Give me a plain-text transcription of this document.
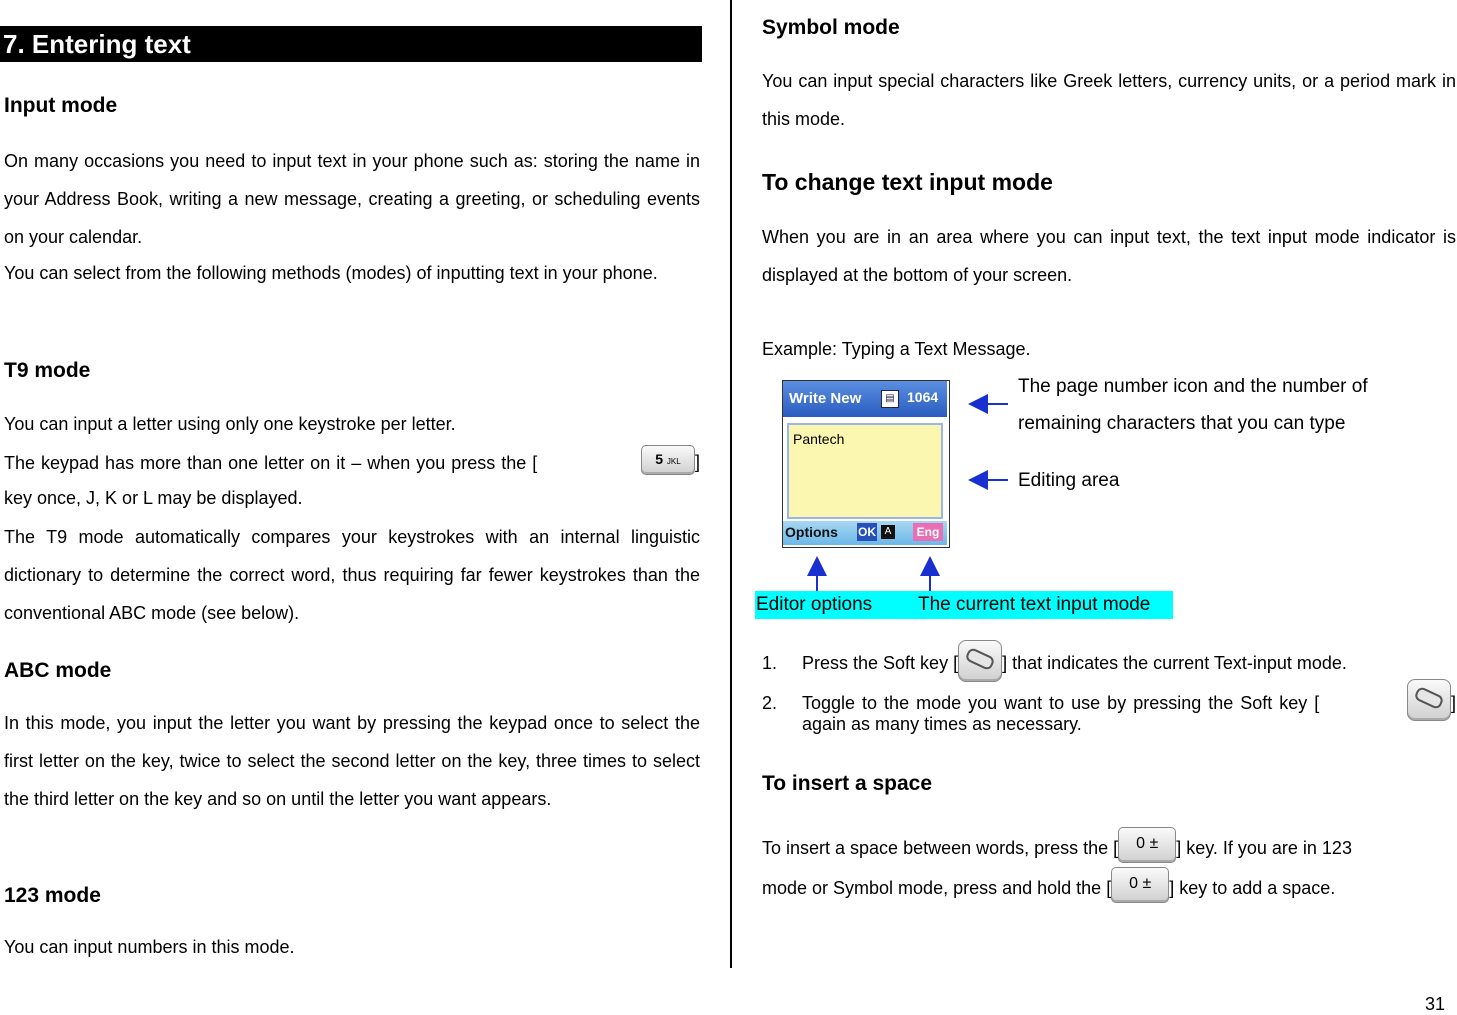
7. Entering text
Input mode

On many occasions you need to input text in your phone such as: storing the name in your Address Book, writing a new message, creating a greeting, or scheduling events on your calendar.

You can select from the following methods (modes) of inputting text in your phone.

T9 mode

You can input a letter using only one keystroke per letter.

The keypad has more than one letter on it – when you press the [	5 JKL ]

key once, J, K or L may be displayed.

The T9 mode automatically compares your keystrokes with an internal linguistic dictionary to determine the correct word, thus requiring far fewer keystrokes than the conventional ABC mode (see below).

ABC mode

In this mode, you input the letter you want by pressing the keypad once to select the first letter on the key, twice to select the second letter on the key, three times to select the third letter on the key and so on until the letter you want appears.

123 mode

You can input numbers in this mode.

Symbol mode

You can input special characters like Greek letters, currency units, or a period mark in this mode.

To change text input mode

When you are in an area where you can input text, the text input mode indicator is displayed at the bottom of your screen.

Example: Typing a Text Message.

Write New	▤ 1064
Pantech
Options OK A	Eng
The page number icon and the number of
remaining characters that you can type
Editing area
Editor options The current text input mode
1. Press the Soft key [ ] that indicates the current Text-input mode.
2.	Toggle to the mode you want to use by pressing the Soft key [	]

again as many times as necessary.

To insert a space
To insert a space between words, press the [	0 ± ] key. If you are in 123
mode or Symbol mode, press and hold the [	0 ± ] key to add a space.
31
